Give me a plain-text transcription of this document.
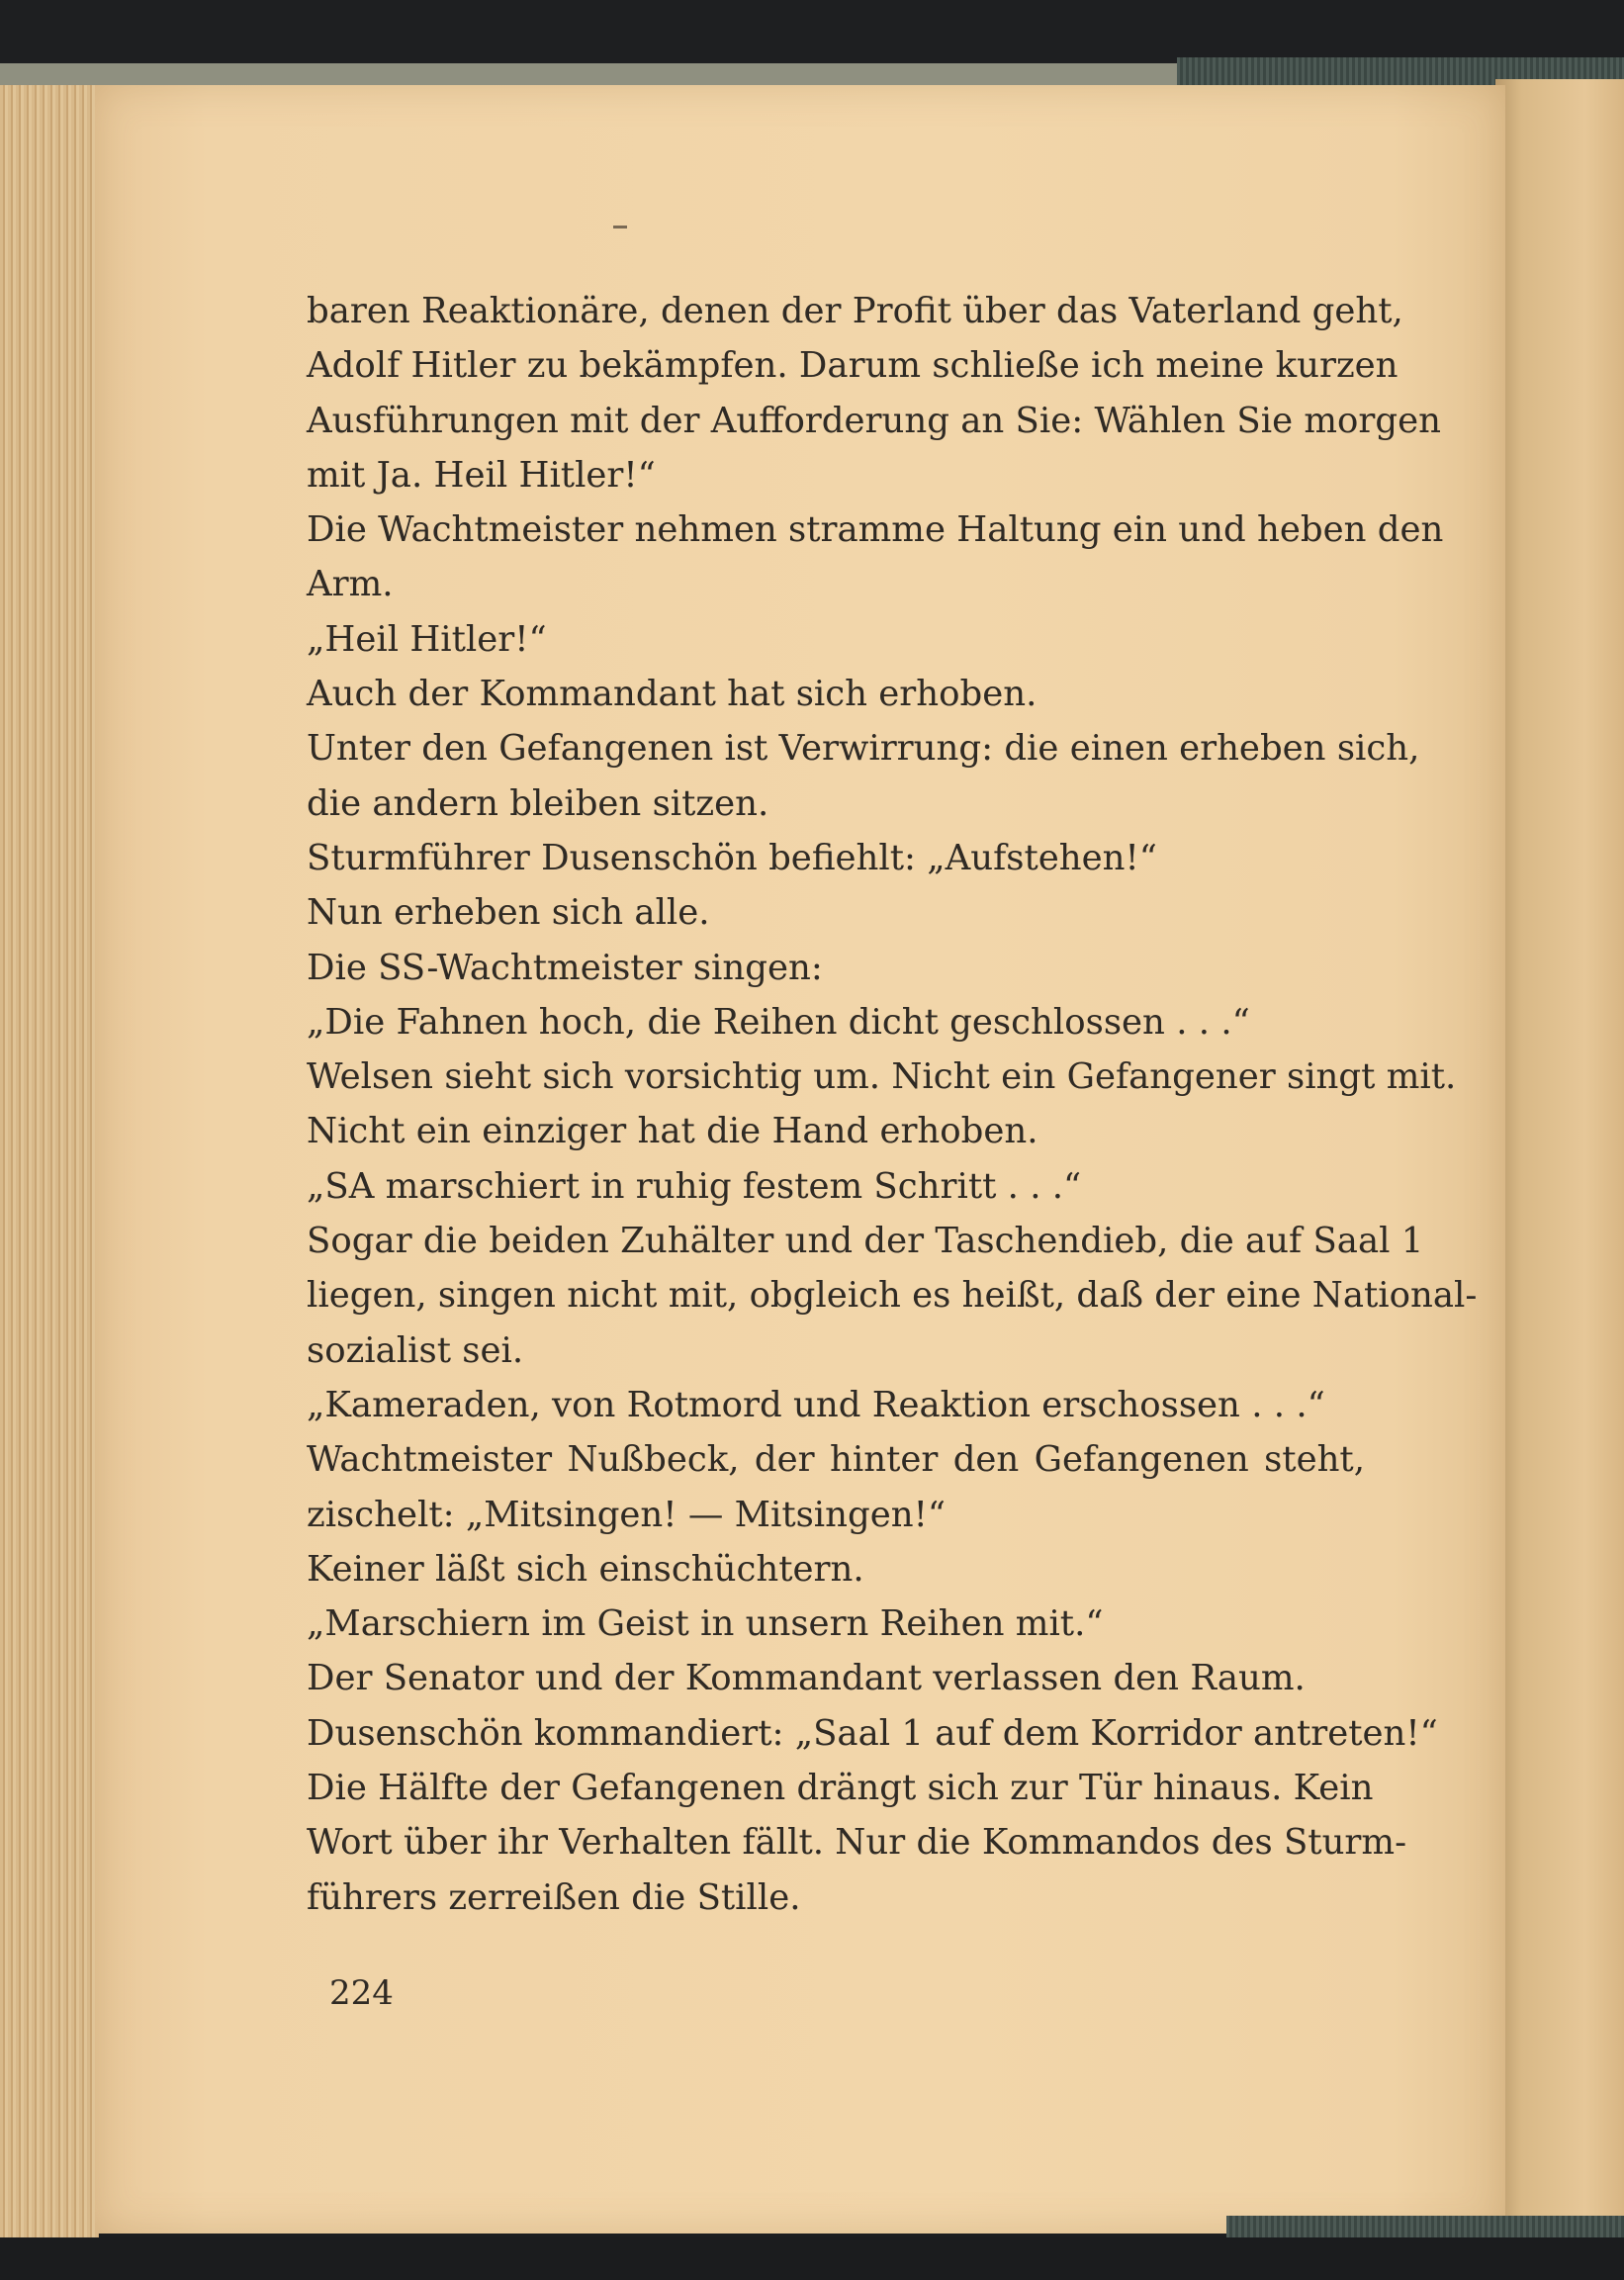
baren Reaktionäre, denen der Profit über das Vaterland geht,
Adolf Hitler zu bekämpfen. Darum schließe ich meine kurzen
Ausführungen mit der Aufforderung an Sie: Wählen Sie morgen
mit Ja. Heil Hitler!“
Die Wachtmeister nehmen stramme Haltung ein und heben den
Arm.
„Heil Hitler!“
Auch der Kommandant hat sich erhoben.
Unter den Gefangenen ist Verwirrung: die einen erheben sich,
die andern bleiben sitzen.
Sturmführer Dusenschön befiehlt: „Aufstehen!“
Nun erheben sich alle.
Die SS-Wachtmeister singen:
„Die Fahnen hoch, die Reihen dicht geschlossen . . .“
Welsen sieht sich vorsichtig um. Nicht ein Gefangener singt mit.
Nicht ein einziger hat die Hand erhoben.
„SA marschiert in ruhig festem Schritt . . .“
Sogar die beiden Zuhälter und der Taschendieb, die auf Saal 1
liegen, singen nicht mit, obgleich es heißt, daß der eine National-
sozialist sei.
„Kameraden, von Rotmord und Reaktion erschossen . . .“
Wachtmeister Nußbeck, der hinter den Gefangenen steht,
zischelt: „Mitsingen! — Mitsingen!“
Keiner läßt sich einschüchtern.
„Marschiern im Geist in unsern Reihen mit.“
Der Senator und der Kommandant verlassen den Raum.
Dusenschön kommandiert: „Saal 1 auf dem Korridor antreten!“
Die Hälfte der Gefangenen drängt sich zur Tür hinaus. Kein
Wort über ihr Verhalten fällt. Nur die Kommandos des Sturm-
führers zerreißen die Stille.
224
